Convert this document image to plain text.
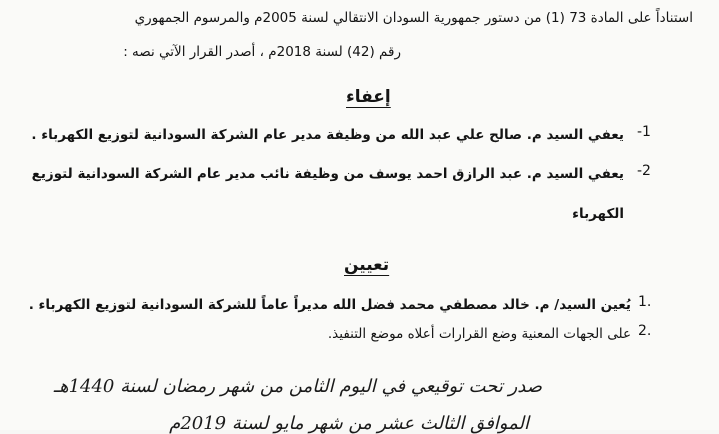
استناداً على المادة 73 (1) من دستور جمهورية السودان الانتقالي لسنة 2005م والمرسوم الجمهوري
رقم (42) لسنة 2018م ، أصدر القرار الآتي نصه :
إعفاء
-1
يعفي السيد م. صالح علي عبد الله من وظيفة مدير عام الشركة السودانية لتوزيع الكهرباء .
-2
يعفي السيد م. عبد الرازق احمد يوسف من وظيفة نائب مدير عام الشركة السودانية لتوزيع
الكهرباء
تعيين
1.
يُعين السيد/ م. خالد مصطفي محمد فضل الله مديراً عاماً للشركة السودانية لتوزيع الكهرباء .
2.
على الجهات المعنية وضع القرارات أعلاه موضع التنفيذ.
صدر تحت توقيعي في اليوم الثامن من شهر رمضان لسنة 1440هـ
الموافق الثالث عشر من شهر مايو لسنة 2019م
